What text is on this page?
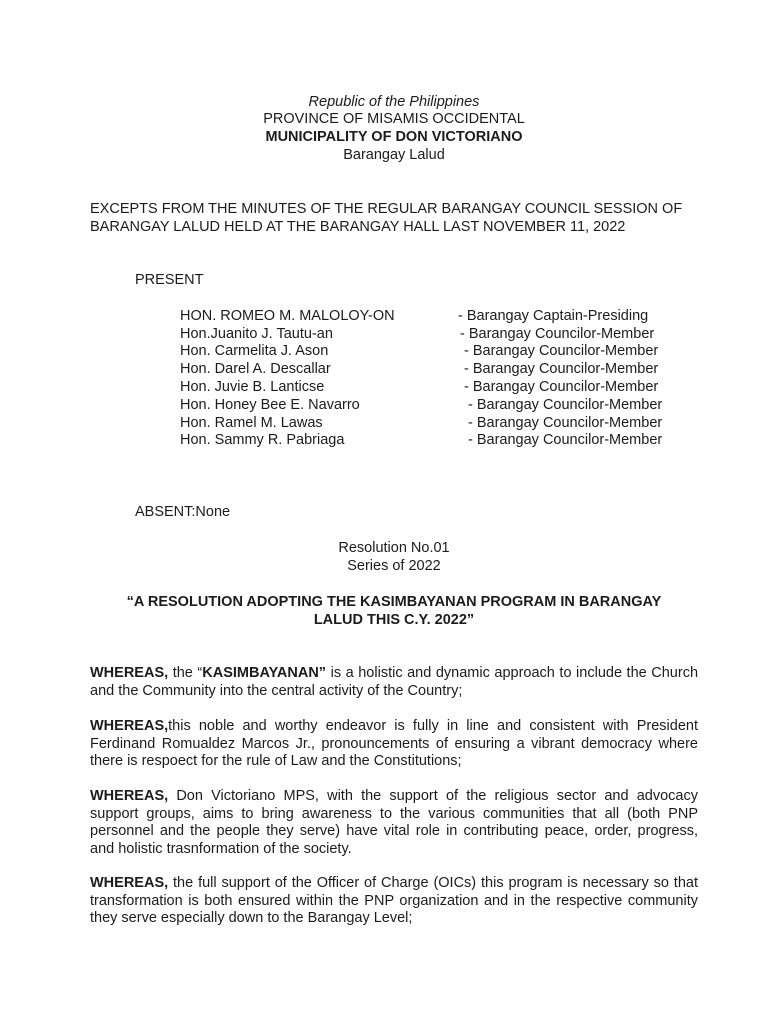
Republic of the Philippines
PROVINCE OF MISAMIS OCCIDENTAL
MUNICIPALITY OF DON VICTORIANO
Barangay Lalud
EXCEPTS FROM THE MINUTES OF THE REGULAR BARANGAY COUNCIL SESSION OF BARANGAY LALUD HELD AT THE BARANGAY HALL LAST NOVEMBER 11, 2022
PRESENT
HON. ROMEO M. MALOLOY-ON	- Barangay Captain-Presiding
Hon.Juanito J. Tautu-an	- Barangay Councilor-Member
Hon. Carmelita J. Ason	- Barangay Councilor-Member
Hon. Darel A. Descallar	- Barangay Councilor-Member
Hon. Juvie B. Lanticse	- Barangay Councilor-Member
Hon. Honey Bee E. Navarro	- Barangay Councilor-Member
Hon. Ramel M. Lawas	- Barangay Councilor-Member
Hon. Sammy R. Pabriaga	- Barangay Councilor-Member
ABSENT:None
Resolution No.01
Series of 2022
“A RESOLUTION ADOPTING THE KASIMBAYANAN PROGRAM IN BARANGAY
LALUD THIS C.Y. 2022”
WHEREAS, the “KASIMBAYANAN” is a holistic and dynamic approach to include the Church and the Community into the central activity of the Country;
WHEREAS,this noble and worthy endeavor is fully in line and consistent with President Ferdinand Romualdez Marcos Jr., pronouncements of ensuring a vibrant democracy where there is respoect for the rule of Law and the Constitutions;
WHEREAS, Don Victoriano MPS, with the support of the religious sector and advocacy support groups, aims to bring awareness to the various communities that all (both PNP personnel and the people they serve) have vital role in contributing peace, order, progress, and holistic trasnformation of the society.
WHEREAS, the full support of the Officer of Charge (OICs) this program is necessary so that transformation is both ensured within the PNP organization and in the respective community they serve especially down to the Barangay Level;
